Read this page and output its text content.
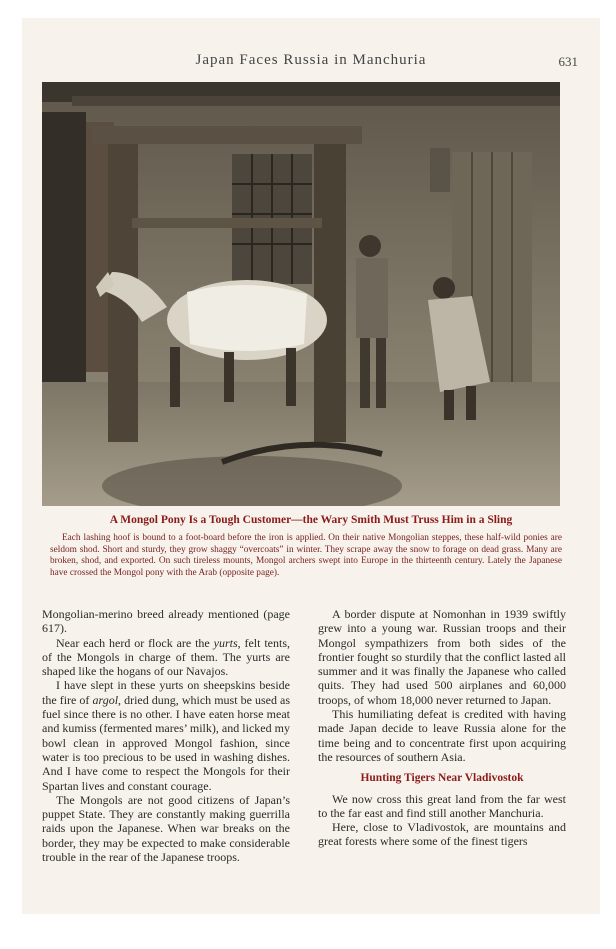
Japan Faces Russia in Manchuria	631
A Mongol Pony Is a Tough Customer—the Wary Smith Must Truss Him in a Sling
Each lashing hoof is bound to a foot-board before the iron is applied. On their native Mongolian steppes, these half-wild ponies are seldom shod. Short and sturdy, they grow shaggy “overcoats” in winter. They scrape away the snow to forage on dead grass. Many are broken, shod, and exported. On such tireless mounts, Mongol archers swept into Europe in the thirteenth century. Lately the Japanese have crossed the Mongol pony with the Arab (opposite page).

Mongolian-merino breed already mentioned (page 617).

Near each herd or flock are the yurts, felt tents, of the Mongols in charge of them. The yurts are shaped like the hogans of our Navajos.

I have slept in these yurts on sheepskins beside the fire of argol, dried dung, which must be used as fuel since there is no other. I have eaten horse meat and kumiss (fermented mares’ milk), and licked my bowl clean in approved Mongol fashion, since water is too precious to be used in washing dishes. And I have come to respect the Mongols for their Spartan lives and constant courage.

The Mongols are not good citizens of Japan’s puppet State. They are constantly making guerrilla raids upon the Japanese. When war breaks on the border, they may be expected to make considerable trouble in the rear of the Japanese troops.

A border dispute at Nomonhan in 1939 swiftly grew into a young war. Russian troops and their Mongol sympathizers from both sides of the frontier fought so sturdily that the conflict lasted all summer and it was finally the Japanese who called quits. They had used 500 airplanes and 60,000 troops, of whom 18,000 never returned to Japan.

This humiliating defeat is credited with having made Japan decide to leave Russia alone for the time being and to concentrate first upon acquiring the resources of southern Asia.

Hunting Tigers Near Vladivostok

We now cross this great land from the far west to the far east and find still another Manchuria.

Here, close to Vladivostok, are mountains and great forests where some of the finest tigers
